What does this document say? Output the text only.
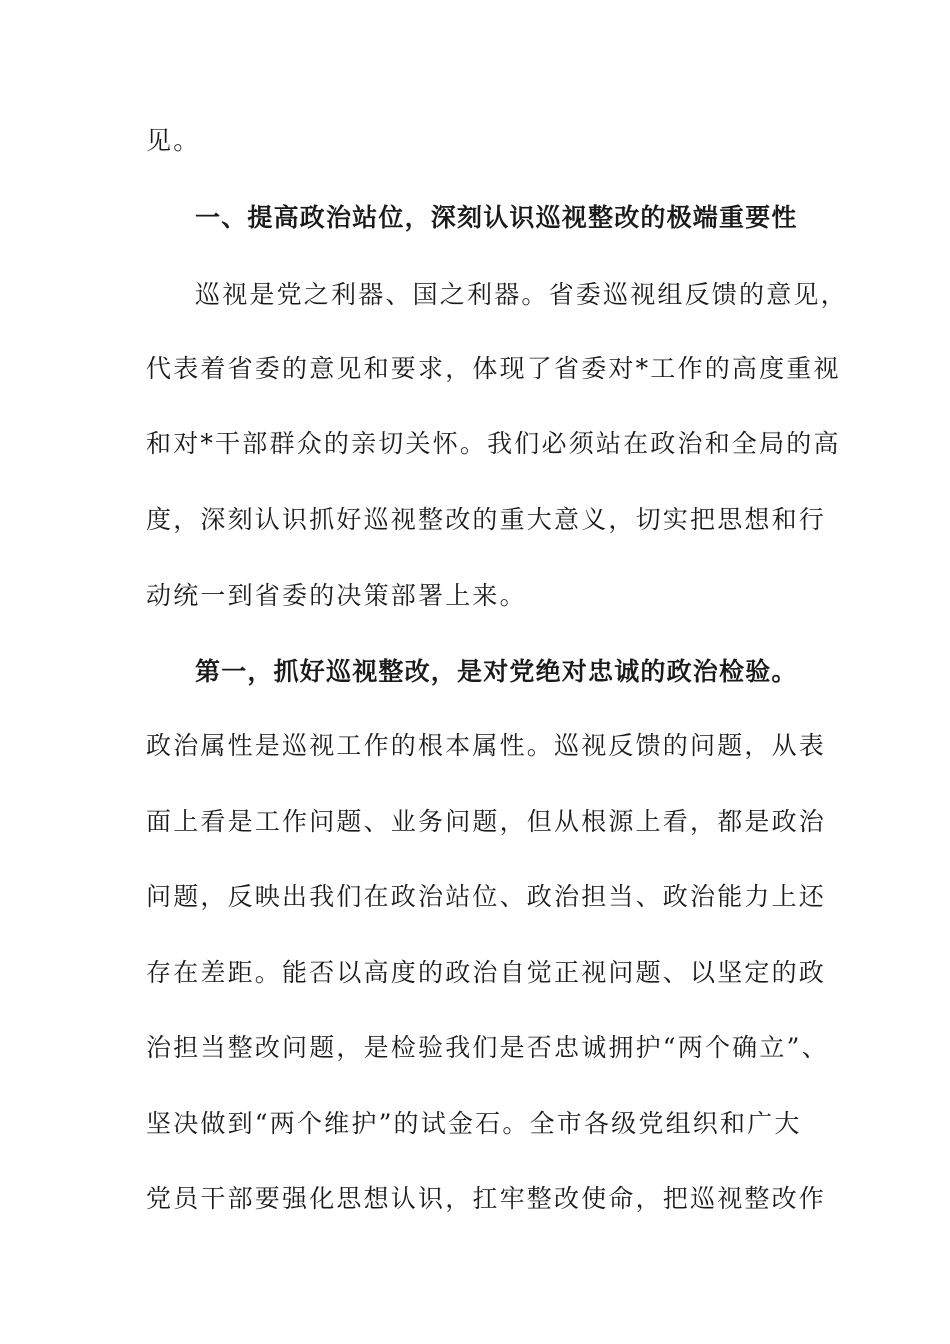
见。
一、提高政治站位，深刻认识巡视整改的极端重要性
巡视是党之利器、国之利器。省委巡视组反馈的意见，
代表着省委的意见和要求，体现了省委对*工作的高度重视
和对*干部群众的亲切关怀。我们必须站在政治和全局的高
度，深刻认识抓好巡视整改的重大意义，切实把思想和行
动统一到省委的决策部署上来。
第一，抓好巡视整改，是对党绝对忠诚的政治检验。
政治属性是巡视工作的根本属性。巡视反馈的问题，从表
面上看是工作问题、业务问题，但从根源上看，都是政治
问题，反映出我们在政治站位、政治担当、政治能力上还
存在差距。能否以高度的政治自觉正视问题、以坚定的政
治担当整改问题，是检验我们是否忠诚拥护“两个确立”、
坚决做到“两个维护”的试金石。全市各级党组织和广大
党员干部要强化思想认识，扛牢整改使命，把巡视整改作
